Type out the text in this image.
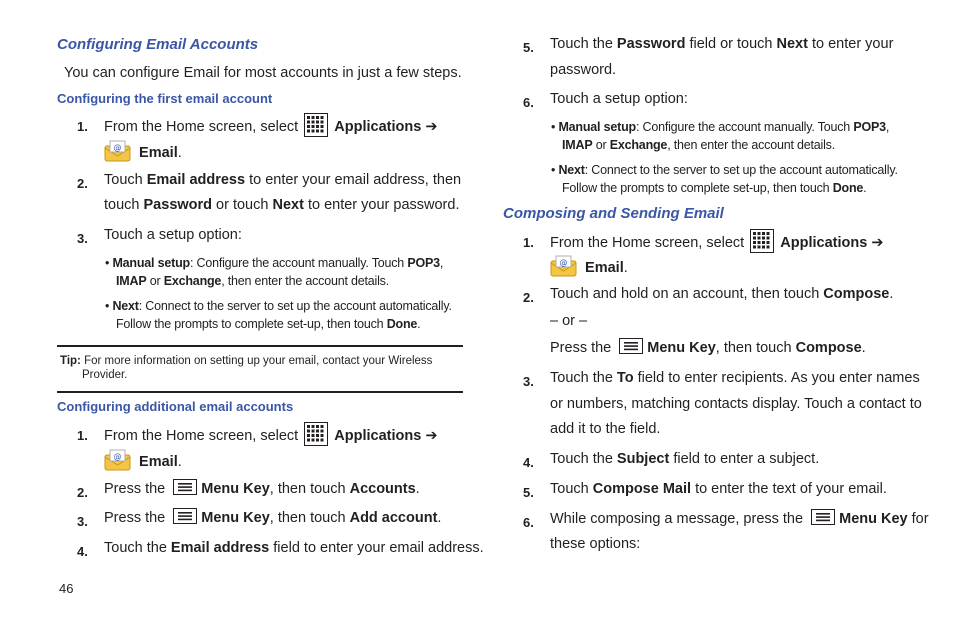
Configuring Email Accounts
You can configure Email for most accounts in just a few steps.
Configuring the first email account
1. From the Home screen, select Applications ➔
@ Email.
2. Touch Email address to enter your email address, then
touch Password or touch Next to enter your password.
3. Touch a setup option:
• Manual setup: Configure the account manually. Touch POP3,
IMAP or Exchange, then enter the account details.
• Next: Connect to the server to set up the account automatically.
Follow the prompts to complete set-up, then touch Done.
Tip: For more information on setting up your email, contact your Wireless
Provider.
Configuring additional email accounts
1. From the Home screen, select Applications ➔
@ Email.
2. Press the Menu Key, then touch Accounts.
3. Press the Menu Key, then touch Add account.
4. Touch the Email address field to enter your email address.
46
5. Touch the Password field or touch Next to enter your
password.
6. Touch a setup option:
• Manual setup: Configure the account manually. Touch POP3,
IMAP or Exchange, then enter the account details.
• Next: Connect to the server to set up the account automatically.
Follow the prompts to complete set-up, then touch Done.
Composing and Sending Email
1. From the Home screen, select Applications ➔
@ Email.
2. Touch and hold on an account, then touch Compose.
– or –
Press the Menu Key, then touch Compose.
3. Touch the To field to enter recipients. As you enter names
or numbers, matching contacts display. Touch a contact to
add it to the field.
4. Touch the Subject field to enter a subject.
5. Touch Compose Mail to enter the text of your email.
6. While composing a message, press the Menu Key for
these options:
